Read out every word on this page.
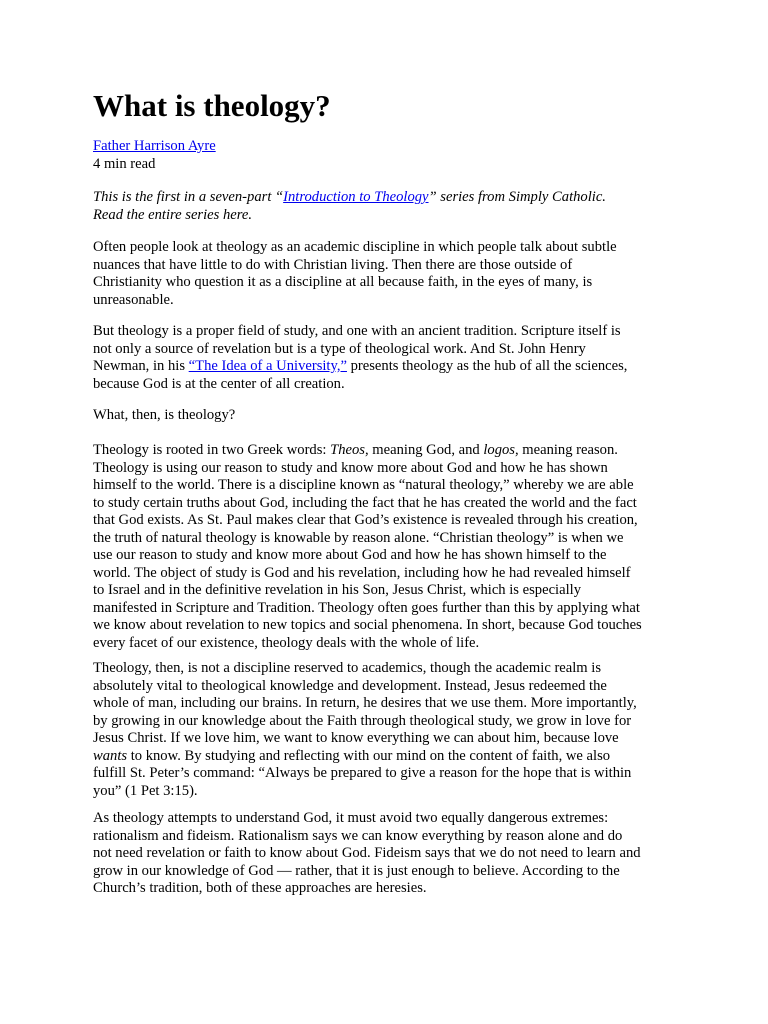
What is theology?
Father Harrison Ayre
4 min read

This is the first in a seven-part “Introduction to Theology” series from Simply Catholic.
Read the entire series here.

Often people look at theology as an academic discipline in which people talk about subtle
nuances that have little to do with Christian living. Then there are those outside of
Christianity who question it as a discipline at all because faith, in the eyes of many, is
unreasonable.

But theology is a proper field of study, and one with an ancient tradition. Scripture itself is
not only a source of revelation but is a type of theological work. And St. John Henry
Newman, in his “The Idea of a University,” presents theology as the hub of all the sciences,
because God is at the center of all creation.

What, then, is theology?

Theology is rooted in two Greek words: Theos, meaning God, and logos, meaning reason.
Theology is using our reason to study and know more about God and how he has shown
himself to the world. There is a discipline known as “natural theology,” whereby we are able
to study certain truths about God, including the fact that he has created the world and the fact
that God exists. As St. Paul makes clear that God’s existence is revealed through his creation,
the truth of natural theology is knowable by reason alone. “Christian theology” is when we
use our reason to study and know more about God and how he has shown himself to the
world. The object of study is God and his revelation, including how he had revealed himself
to Israel and in the definitive revelation in his Son, Jesus Christ, which is especially
manifested in Scripture and Tradition. Theology often goes further than this by applying what
we know about revelation to new topics and social phenomena. In short, because God touches
every facet of our existence, theology deals with the whole of life.

Theology, then, is not a discipline reserved to academics, though the academic realm is
absolutely vital to theological knowledge and development. Instead, Jesus redeemed the
whole of man, including our brains. In return, he desires that we use them. More importantly,
by growing in our knowledge about the Faith through theological study, we grow in love for
Jesus Christ. If we love him, we want to know everything we can about him, because love
wants to know. By studying and reflecting with our mind on the content of faith, we also
fulfill St. Peter’s command: “Always be prepared to give a reason for the hope that is within
you” (1 Pet 3:15).

As theology attempts to understand God, it must avoid two equally dangerous extremes:
rationalism and fideism. Rationalism says we can know everything by reason alone and do
not need revelation or faith to know about God. Fideism says that we do not need to learn and
grow in our knowledge of God — rather, that it is just enough to believe. According to the
Church’s tradition, both of these approaches are heresies.
